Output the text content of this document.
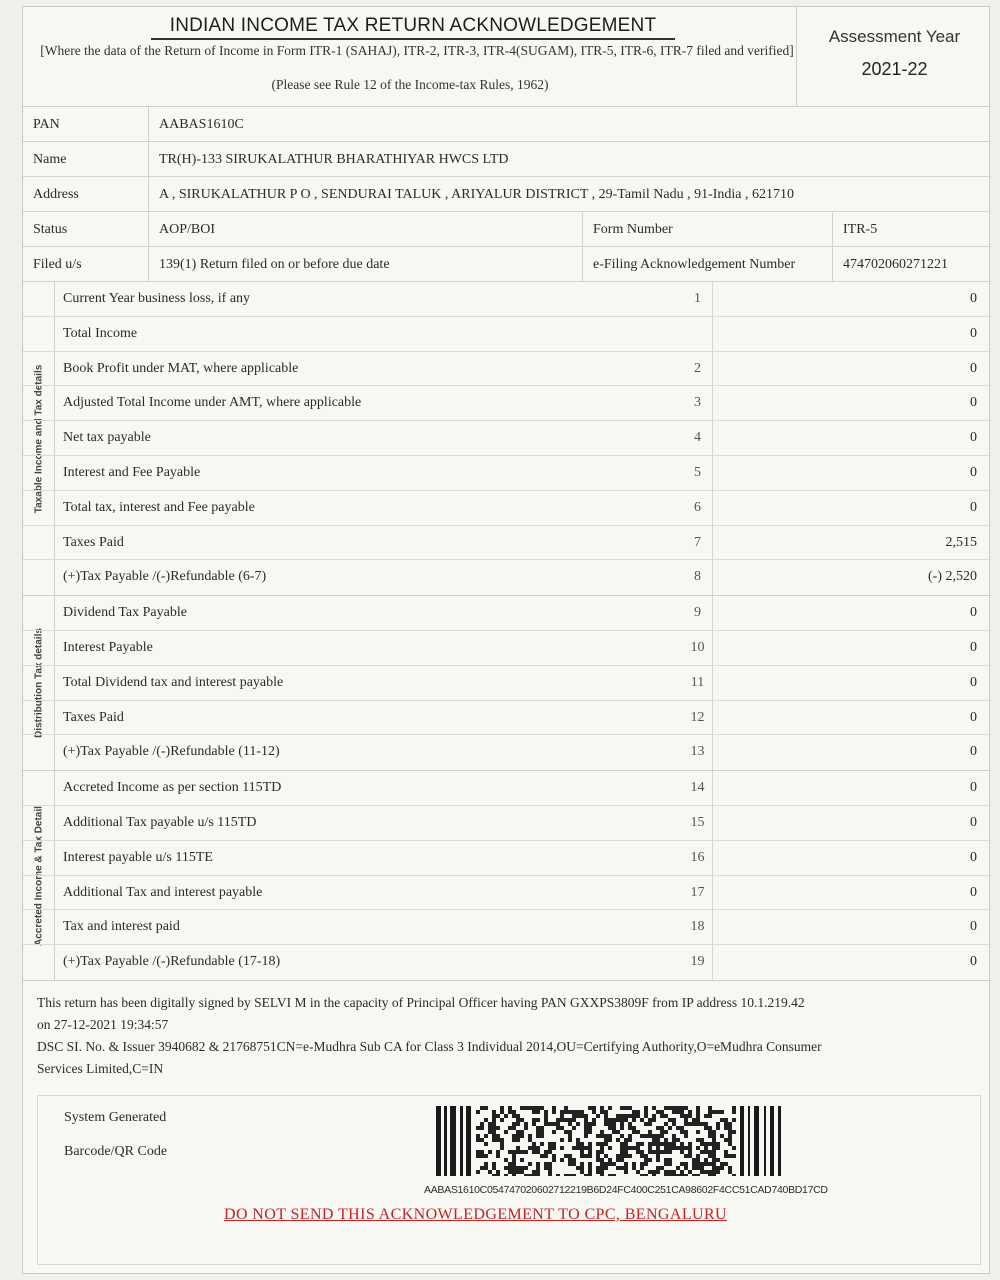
INDIAN INCOME TAX RETURN ACKNOWLEDGEMENT
[Where the data of the Return of Income in Form ITR-1 (SAHAJ), ITR-2, ITR-3, ITR-4(SUGAM), ITR-5, ITR-6, ITR-7 filed and verified]
(Please see Rule 12 of the Income-tax Rules, 1962)
Assessment Year
2021-22
PAN	AABAS1610C
Name	TR(H)-133 SIRUKALATHUR BHARATHIYAR HWCS LTD
Address	A , SIRUKALATHUR P O , SENDURAI TALUK , ARIYALUR DISTRICT , 29-Tamil Nadu , 91-India , 621710
Status	AOP/BOI	Form Number	ITR-5
Filed u/s	139(1) Return filed on or before due date	e-Filing Acknowledgement Number	474702060271221
Taxable Income and Tax details
Current Year business loss, if any	1	0
Total Income	0
Book Profit under MAT, where applicable	2	0
Adjusted Total Income under AMT, where applicable	3	0
Net tax payable	4	0
Interest and Fee Payable	5	0
Total tax, interest and Fee payable	6	0
Taxes Paid	7	2,515
(+)Tax Payable /(-)Refundable (6-7)	8	(-) 2,520
Distribution Tax details
Dividend Tax Payable	9	0
Interest Payable	10	0
Total Dividend tax and interest payable	11	0
Taxes Paid	12	0
(+)Tax Payable /(-)Refundable (11-12)	13	0
Accreted Income & Tax Detail
Accreted Income as per section 115TD	14	0
Additional Tax payable u/s 115TD	15	0
Interest payable u/s 115TE	16	0
Additional Tax and interest payable	17	0
Tax and interest paid	18	0
(+)Tax Payable /(-)Refundable (17-18)	19	0
This return has been digitally signed by SELVI M in the capacity of Principal Officer having PAN GXXPS3809F from IP address 10.1.219.42
on 27-12-2021 19:34:57
DSC SI. No. & Issuer 3940682 & 21768751CN=e-Mudhra Sub CA for Class 3 Individual 2014,OU=Certifying Authority,O=eMudhra Consumer
Services Limited,C=IN
System Generated
Barcode/QR Code
AABAS1610C054747020602712219B6D24FC400C251CA98602F4CC51CAD740BD17CD
DO NOT SEND THIS ACKNOWLEDGEMENT TO CPC, BENGALURU
